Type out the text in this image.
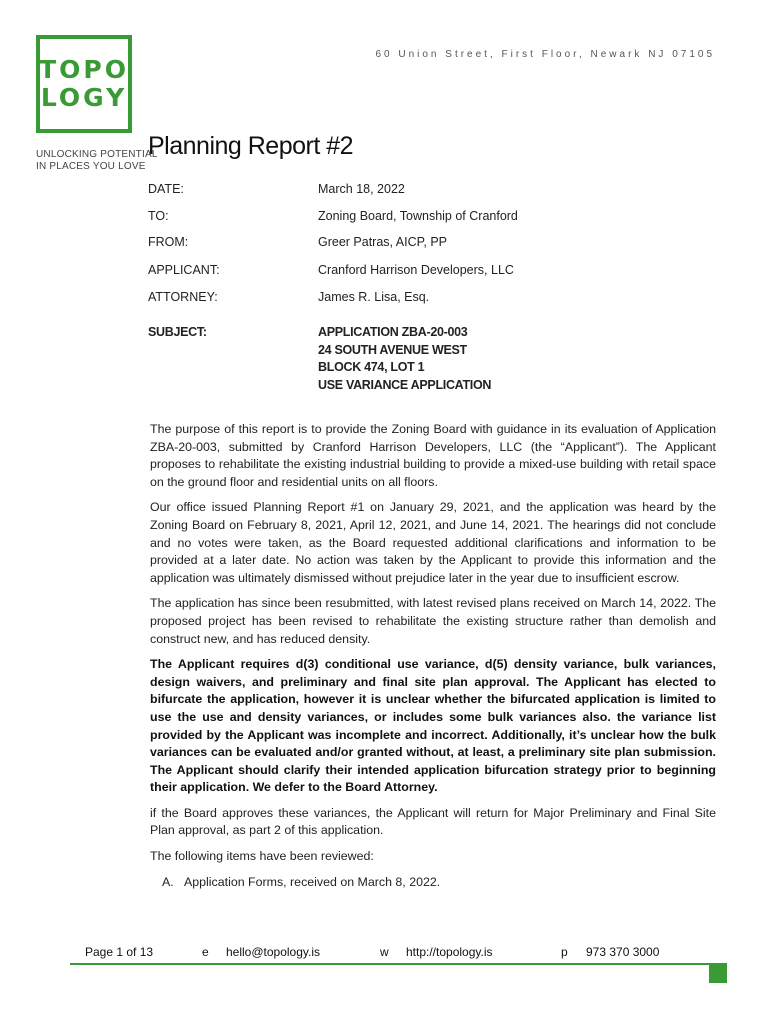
TOPO
LOGY
UNLOCKING POTENTIAL
IN PLACES YOU LOVE
60 Union Street, First Floor, Newark NJ 07105
Planning Report #2
DATE:	March 18, 2022
TO:	Zoning Board, Township of Cranford
FROM:	Greer Patras, AICP, PP
APPLICANT:	Cranford Harrison Developers, LLC
ATTORNEY:	James R. Lisa, Esq.
SUBJECT:	APPLICATION ZBA-20-003
24 SOUTH AVENUE WEST
BLOCK 474, LOT 1
USE VARIANCE APPLICATION

The purpose of this report is to provide the Zoning Board with guidance in its evaluation of Application ZBA-20-003, submitted by Cranford Harrison Developers, LLC (the “Applicant”). The Applicant proposes to rehabilitate the existing industrial building to provide a mixed-use building with retail space on the ground floor and residential units on all floors.

Our office issued Planning Report #1 on January 29, 2021, and the application was heard by the Zoning Board on February 8, 2021, April 12, 2021, and June 14, 2021. The hearings did not conclude and no votes were taken, as the Board requested additional clarifications and information to be provided at a later date. No action was taken by the Applicant to provide this information and the application was ultimately dismissed without prejudice later in the year due to insufficient escrow.

The application has since been resubmitted, with latest revised plans received on March 14, 2022. The proposed project has been revised to rehabilitate the existing structure rather than demolish and construct new, and has reduced density.

The Applicant requires d(3) conditional use variance, d(5) density variance, bulk variances, design waivers, and preliminary and final site plan approval. The Applicant has elected to bifurcate the application, however it is unclear whether the bifurcated application is limited to use the use and density variances, or includes some bulk variances also. the variance list provided by the Applicant was incomplete and incorrect. Additionally, it’s unclear how the bulk variances can be evaluated and/or granted without, at least, a preliminary site plan submission. The Applicant should clarify their intended application bifurcation strategy prior to beginning their application. We defer to the Board Attorney.

if the Board approves these variances, the Applicant will return for Major Preliminary and Final Site Plan approval, as part 2 of this application.

The following items have been reviewed:

A. Application Forms, received on March 8, 2022.
Page 1 of 13	e hello@topology.is	w http://topology.is	p 973 370 3000
